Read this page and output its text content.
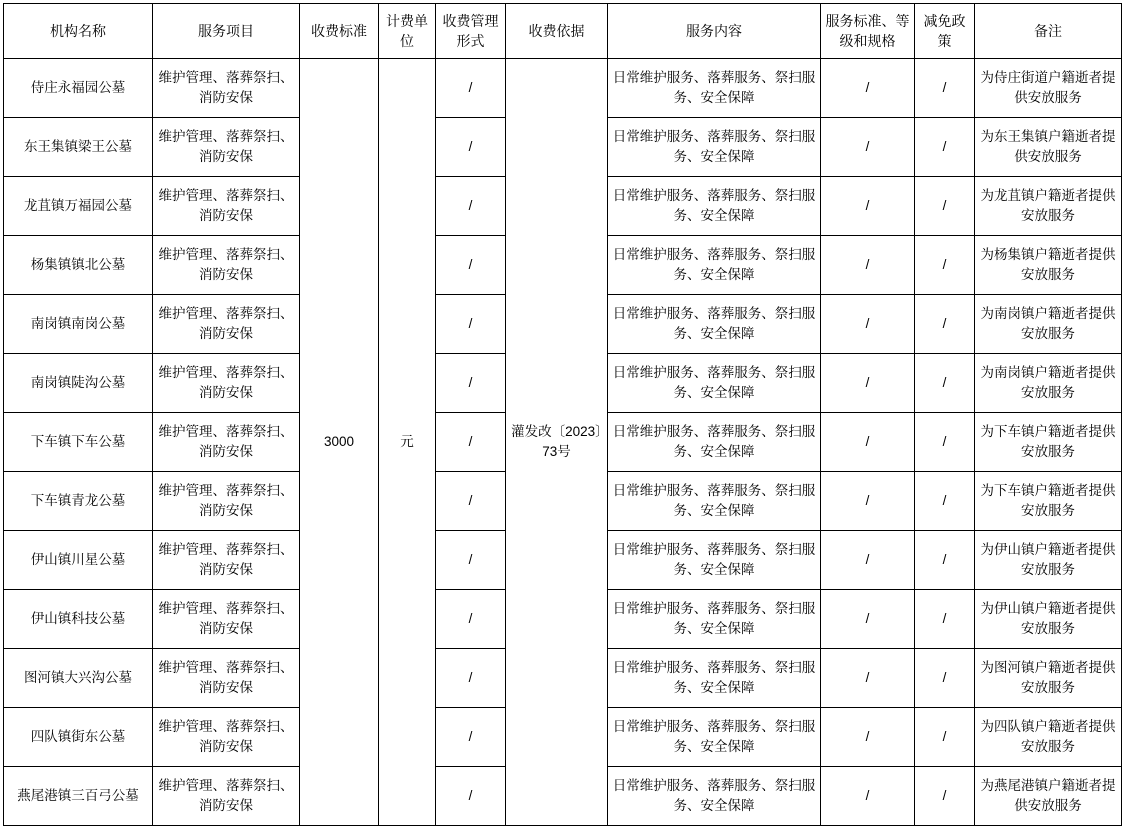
机构名称	服务项目	收费标准	计费单位	收费管理形式	收费依据	服务内容	服务标准、等级和规格	减免政策	备注
侍庄永福园公墓	维护管理、落葬祭扫、消防安保	3000	元	/	灌发改〔2023〕73号	日常维护服务、落葬服务、祭扫服务、安全保障	/	/	为侍庄街道户籍逝者提供安放服务
东王集镇梁王公墓	维护管理、落葬祭扫、消防安保			/		日常维护服务、落葬服务、祭扫服务、安全保障	/	/	为东王集镇户籍逝者提供安放服务
龙苴镇万福园公墓	维护管理、落葬祭扫、消防安保			/		日常维护服务、落葬服务、祭扫服务、安全保障	/	/	为龙苴镇户籍逝者提供安放服务
杨集镇镇北公墓	维护管理、落葬祭扫、消防安保			/		日常维护服务、落葬服务、祭扫服务、安全保障	/	/	为杨集镇户籍逝者提供安放服务
南岗镇南岗公墓	维护管理、落葬祭扫、消防安保			/		日常维护服务、落葬服务、祭扫服务、安全保障	/	/	为南岗镇户籍逝者提供安放服务
南岗镇陡沟公墓	维护管理、落葬祭扫、消防安保			/		日常维护服务、落葬服务、祭扫服务、安全保障	/	/	为南岗镇户籍逝者提供安放服务
下车镇下车公墓	维护管理、落葬祭扫、消防安保			/		日常维护服务、落葬服务、祭扫服务、安全保障	/	/	为下车镇户籍逝者提供安放服务
下车镇青龙公墓	维护管理、落葬祭扫、消防安保			/		日常维护服务、落葬服务、祭扫服务、安全保障	/	/	为下车镇户籍逝者提供安放服务
伊山镇川星公墓	维护管理、落葬祭扫、消防安保			/		日常维护服务、落葬服务、祭扫服务、安全保障	/	/	为伊山镇户籍逝者提供安放服务
伊山镇科技公墓	维护管理、落葬祭扫、消防安保			/		日常维护服务、落葬服务、祭扫服务、安全保障	/	/	为伊山镇户籍逝者提供安放服务
图河镇大兴沟公墓	维护管理、落葬祭扫、消防安保			/		日常维护服务、落葬服务、祭扫服务、安全保障	/	/	为图河镇户籍逝者提供安放服务
四队镇街东公墓	维护管理、落葬祭扫、消防安保			/		日常维护服务、落葬服务、祭扫服务、安全保障	/	/	为四队镇户籍逝者提供安放服务
燕尾港镇三百弓公墓	维护管理、落葬祭扫、消防安保			/		日常维护服务、落葬服务、祭扫服务、安全保障	/	/	为燕尾港镇户籍逝者提供安放服务
